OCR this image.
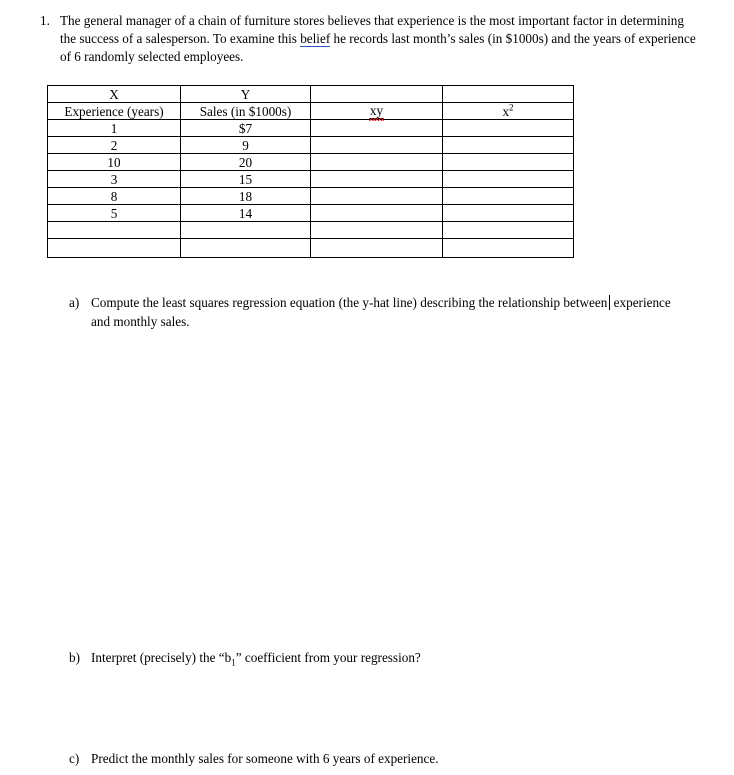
1. The general manager of a chain of furniture stores believes that experience is the most important factor in determining the success of a salesperson. To examine this belief he records last month’s sales (in $1000s) and the years of experience of 6 randomly selected employees.

X	Y		
Experience (years)	Sales (in $1000s)	xy	$x^2$
1	$7		
2	9		
10	20		
3	15		
8	18		
5	14		

a) Compute the least squares regression equation (the y-hat line) describing the relationship between experience and monthly sales.
b) Interpret (precisely) the “$b_1$” coefficient from your regression?
c) Predict the monthly sales for someone with 6 years of experience.
